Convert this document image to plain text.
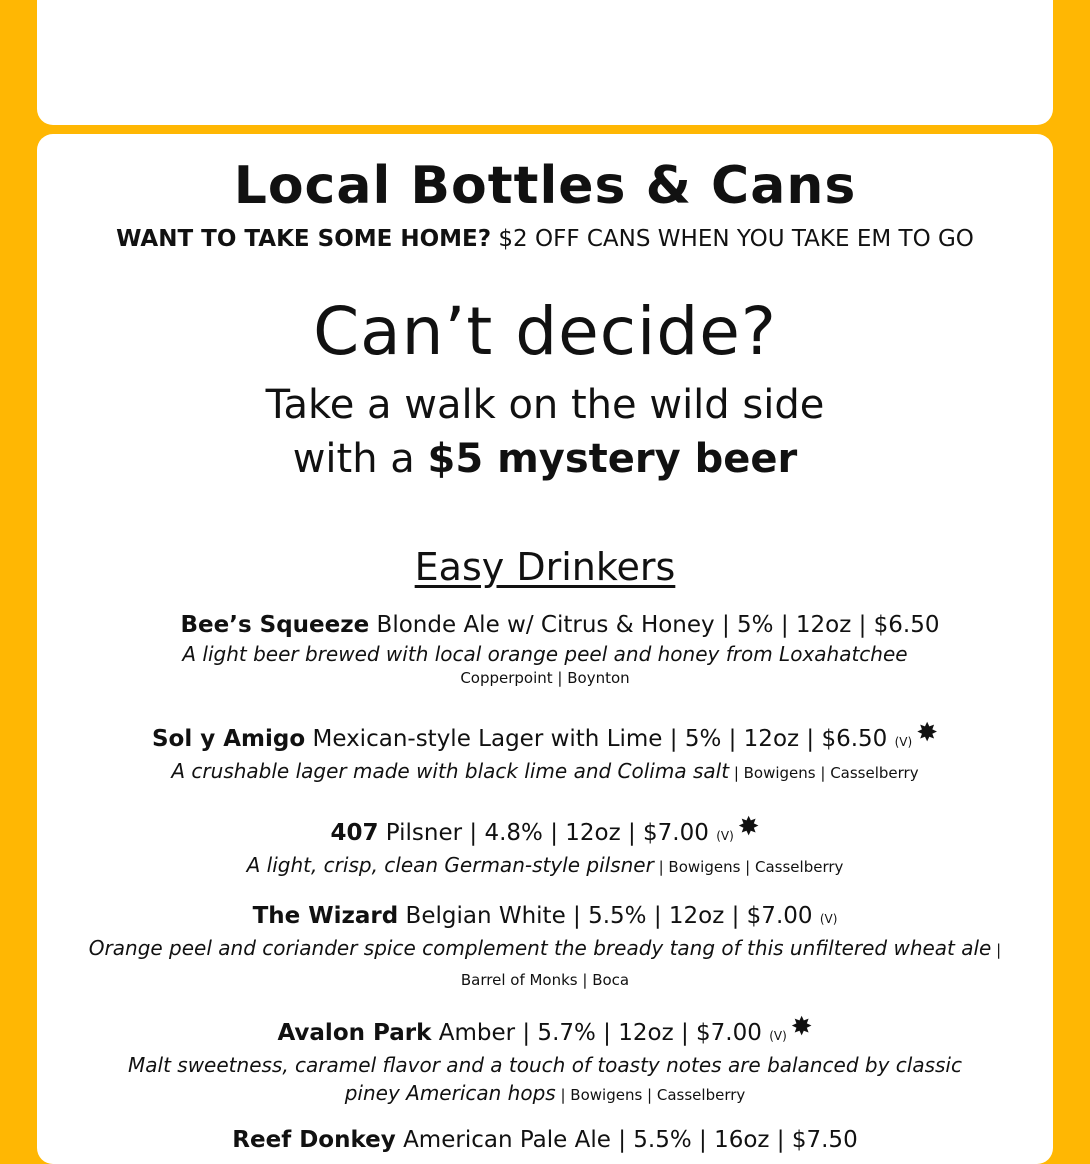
Local Bottles & Cans
WANT TO TAKE SOME HOME? $2 OFF CANS WHEN YOU TAKE EM TO GO
Can’t decide?
Take a walk on the wild side
with a $5 mystery beer
Easy Drinkers
Bee’s Squeeze Blonde Ale w/ Citrus & Honey | 5% | 12oz | $6.50
A light beer brewed with local orange peel and honey from Loxahatchee
Copperpoint | Boynton
Sol y Amigo Mexican-style Lager with Lime | 5% | 12oz | $6.50 (V) ✸
A crushable lager made with black lime and Colima salt | Bowigens | Casselberry
407 Pilsner | 4.8% | 12oz | $7.00 (V) ✸
A light, crisp, clean German-style pilsner | Bowigens | Casselberry
The Wizard Belgian White | 5.5% | 12oz | $7.00 (V)
Orange peel and coriander spice complement the bready tang of this unfiltered wheat ale | Barrel of Monks | Boca
Avalon Park Amber | 5.7% | 12oz | $7.00 (V) ✸
Malt sweetness, caramel flavor and a touch of toasty notes are balanced by classic piney American hops | Bowigens | Casselberry
Reef Donkey American Pale Ale | 5.5% | 16oz | $7.50
